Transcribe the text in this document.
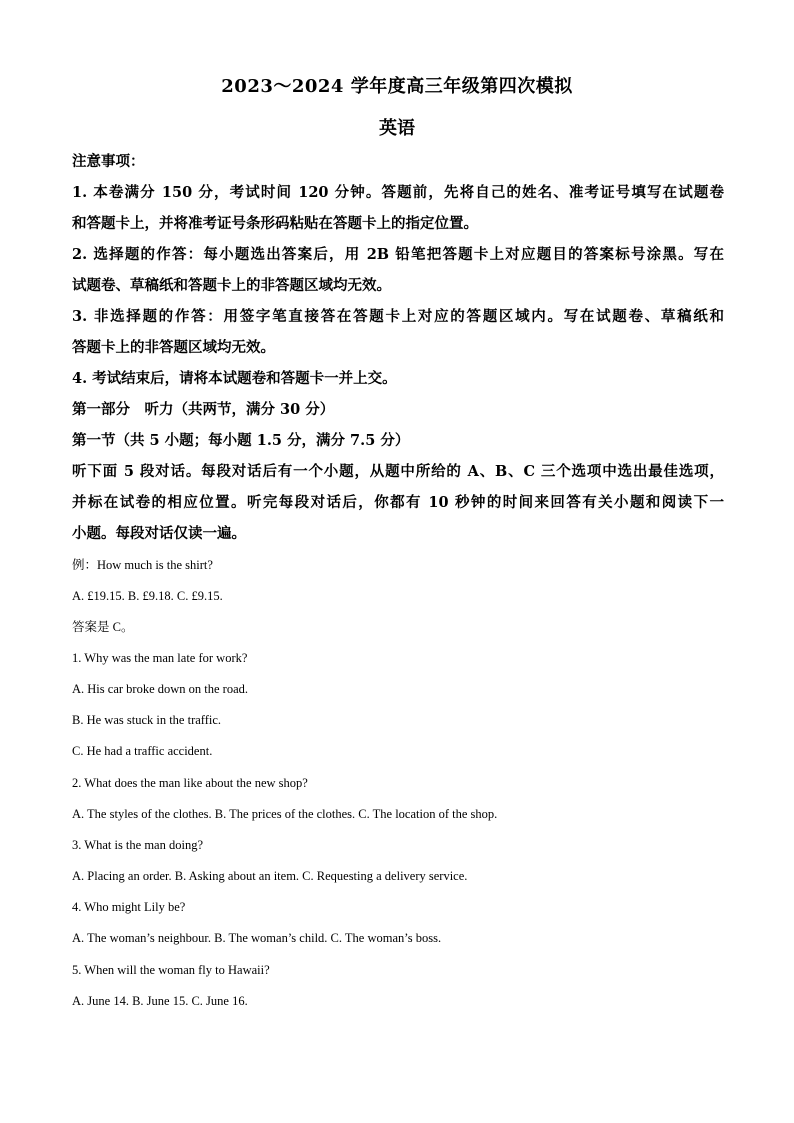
2023～2024 学年度高三年级第四次模拟
英语
注意事项：
1. 本卷满分 150 分，考试时间 120 分钟。答题前，先将自己的姓名、准考证号填写在试题卷
和答题卡上，并将准考证号条形码粘贴在答题卡上的指定位置。
2. 选择题的作答：每小题选出答案后，用 2B 铅笔把答题卡上对应题目的答案标号涂黑。写在
试题卷、草稿纸和答题卡上的非答题区域均无效。
3. 非选择题的作答：用签字笔直接答在答题卡上对应的答题区域内。写在试题卷、草稿纸和
答题卡上的非答题区域均无效。
4. 考试结束后，请将本试题卷和答题卡一并上交。
第一部分　听力（共两节，满分 30 分）
第一节（共 5 小题；每小题 1.5 分，满分 7.5 分）
听下面 5 段对话。每段对话后有一个小题，从题中所给的 A、B、C 三个选项中选出最佳选项，
并标在试卷的相应位置。听完每段对话后，你都有 10 秒钟的时间来回答有关小题和阅读下一
小题。每段对话仅读一遍。
例：How much is the shirt?
A. £19.15. B. £9.18. C. £9.15.
答案是 C。
1. Why was the man late for work?
A. His car broke down on the road.
B. He was stuck in the traffic.
C. He had a traffic accident.
2. What does the man like about the new shop?
A. The styles of the clothes. B. The prices of the clothes. C. The location of the shop.
3. What is the man doing?
A. Placing an order. B. Asking about an item. C. Requesting a delivery service.
4. Who might Lily be?
A. The woman’s neighbour. B. The woman’s child. C. The woman’s boss.
5. When will the woman fly to Hawaii?
A. June 14. B. June 15. C. June 16.
